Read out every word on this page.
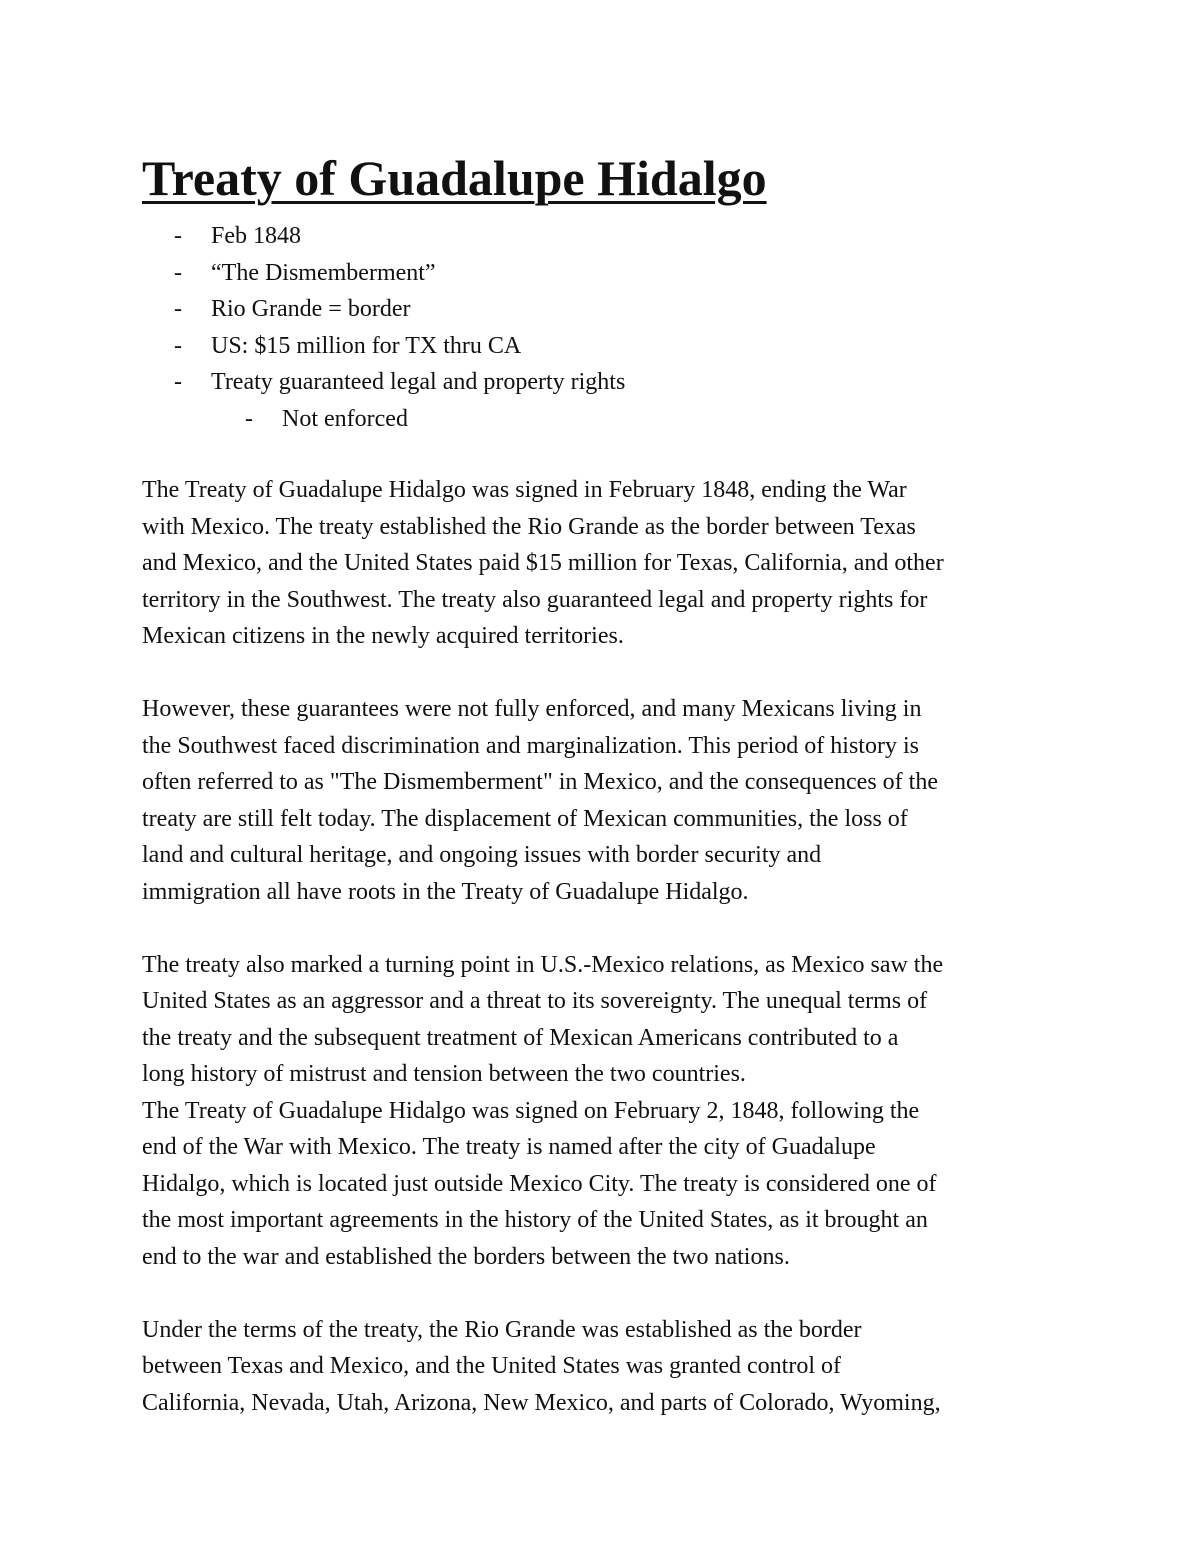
Treaty of Guadalupe Hidalgo
- Feb 1848
- “The Dismemberment”
- Rio Grande = border
- US: $15 million for TX thru CA
- Treaty guaranteed legal and property rights
- Not enforced

The Treaty of Guadalupe Hidalgo was signed in February 1848, ending the War
with Mexico. The treaty established the Rio Grande as the border between Texas
and Mexico, and the United States paid $15 million for Texas, California, and other
territory in the Southwest. The treaty also guaranteed legal and property rights for
Mexican citizens in the newly acquired territories.

However, these guarantees were not fully enforced, and many Mexicans living in
the Southwest faced discrimination and marginalization. This period of history is
often referred to as "The Dismemberment" in Mexico, and the consequences of the
treaty are still felt today. The displacement of Mexican communities, the loss of
land and cultural heritage, and ongoing issues with border security and
immigration all have roots in the Treaty of Guadalupe Hidalgo.

The treaty also marked a turning point in U.S.-Mexico relations, as Mexico saw the
United States as an aggressor and a threat to its sovereignty. The unequal terms of
the treaty and the subsequent treatment of Mexican Americans contributed to a
long history of mistrust and tension between the two countries.

The Treaty of Guadalupe Hidalgo was signed on February 2, 1848, following the
end of the War with Mexico. The treaty is named after the city of Guadalupe
Hidalgo, which is located just outside Mexico City. The treaty is considered one of
the most important agreements in the history of the United States, as it brought an
end to the war and established the borders between the two nations.

Under the terms of the treaty, the Rio Grande was established as the border
between Texas and Mexico, and the United States was granted control of
California, Nevada, Utah, Arizona, New Mexico, and parts of Colorado, Wyoming,
